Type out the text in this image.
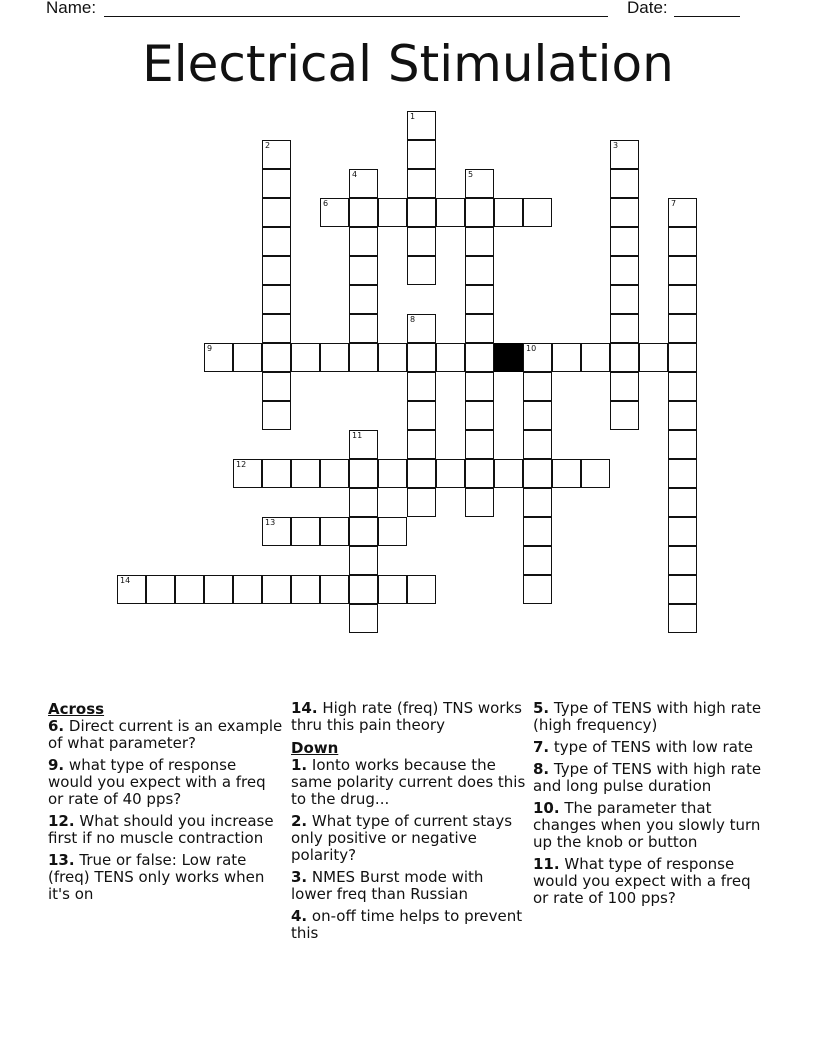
Name:	Date:
Electrical Stimulation
1
2	3
4	5
6	7
8
9	10
11
12
13
14

Across

6. Direct current is an example of what parameter?

9. what type of response would you expect with a freq or rate of 40 pps?

12. What should you increase first if no muscle contraction

13. True or false: Low rate (freq) TENS only works when it's on

14. High rate (freq) TNS works thru this pain theory

Down

1. Ionto works because the same polarity current does this to the drug...

2. What type of current stays only positive or negative polarity?

3. NMES Burst mode with lower freq than Russian

4. on-off time helps to prevent this

5. Type of TENS with high rate (high frequency)

7. type of TENS with low rate

8. Type of TENS with high rate and long pulse duration

10. The parameter that changes when you slowly turn up the knob or button

11. What type of response would you expect with a freq or rate of 100 pps?
